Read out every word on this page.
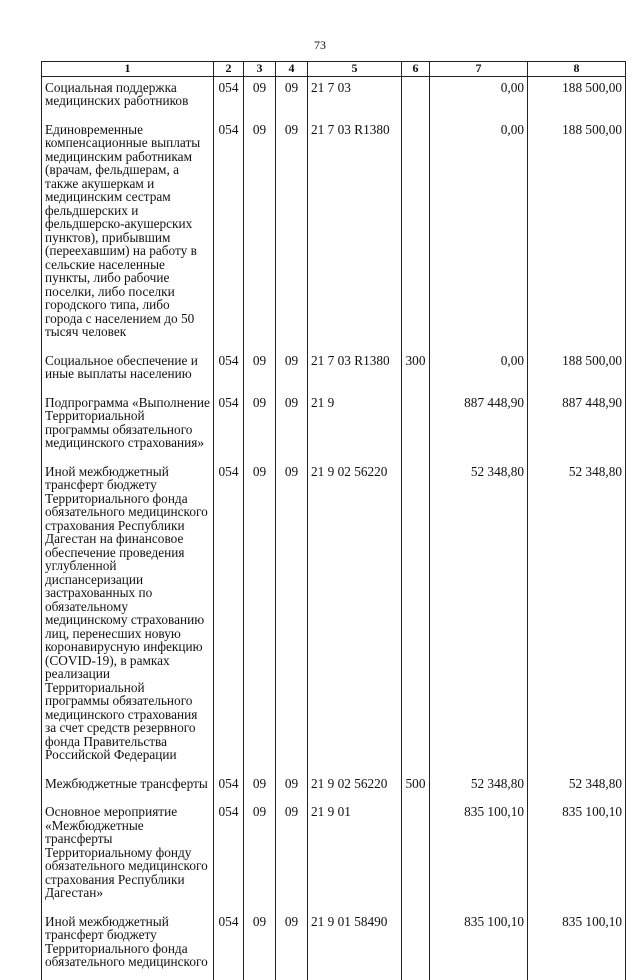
73
1	2	3	4	5	6	7	8
Социальная поддержка медицинских работников	054	09	09	21 7 03		0,00	188 500,00
Единовременные компенсационные выплаты медицинским работникам (врачам, фельдшерам, а также акушеркам и медицинским сестрам фельдшерских и фельдшерско-акушерских пунктов), прибывшим (переехавшим) на работу в сельские населенные пункты, либо рабочие поселки, либо поселки городского типа, либо города с населением до 50 тысяч человек	054	09	09	21 7 03 R1380		0,00	188 500,00
Социальное обеспечение и иные выплаты населению	054	09	09	21 7 03 R1380	300	0,00	188 500,00
Подпрограмма «Выполнение Территориальной программы обязательного медицинского страхования»	054	09	09	21 9		887 448,90	887 448,90
Иной межбюджетный трансферт бюджету Территориального фонда обязательного медицинского страхования Республики Дагестан на финансовое обеспечение проведения углубленной диспансеризации застрахованных по обязательному медицинскому страхованию лиц, перенесших новую коронавирусную инфекцию (COVID-19), в рамках реализации Территориальной программы обязательного медицинского страхования за счет средств резервного фонда Правительства Российской Федерации	054	09	09	21 9 02 56220		52 348,80	52 348,80
Межбюджетные трансферты	054	09	09	21 9 02 56220	500	52 348,80	52 348,80
Основное мероприятие «Межбюджетные трансферты Территориальному фонду обязательного медицинского страхования Республики Дагестан»	054	09	09	21 9 01		835 100,10	835 100,10
Иной межбюджетный трансферт бюджету Территориального фонда обязательного медицинского	054	09	09	21 9 01 58490		835 100,10	835 100,10
